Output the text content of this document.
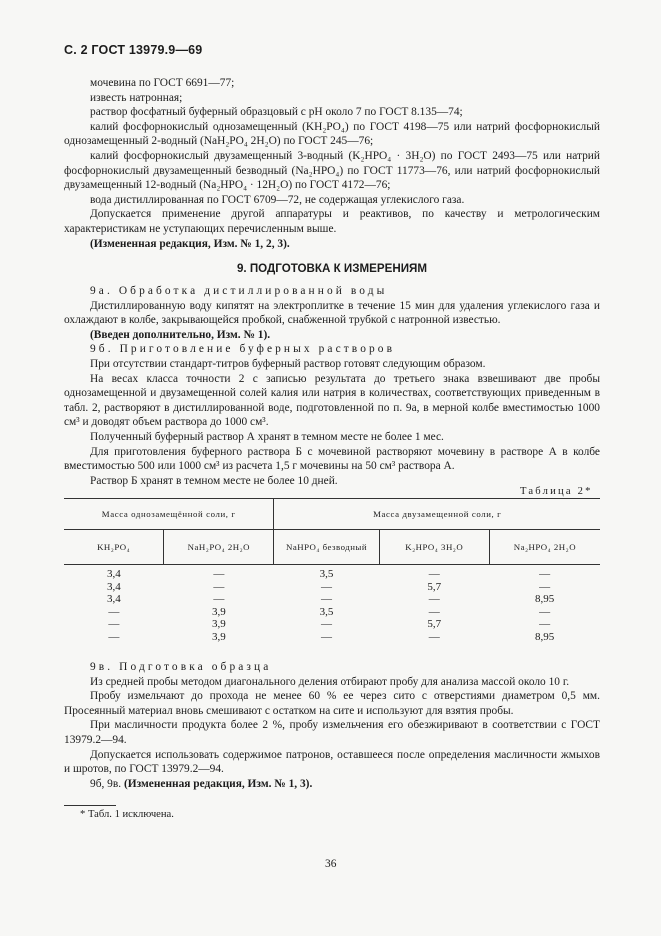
С. 2 ГОСТ 13979.9—69

мочевина по ГОСТ 6691—77;

известь натронная;

раствор фосфатный буферный образцовый с pH около 7 по ГОСТ 8.135—74;

калий фосфорнокислый однозамещенный (KH₂PO₄) по ГОСТ 4198—75 или натрий фосфорнокислый однозамещенный 2-водный (NaH₂PO₄ 2H₂O) по ГОСТ 245—76;

калий фосфорнокислый двузамещенный 3-водный (K₂HPO₄ · 3H₂O) по ГОСТ 2493—75 или натрий фосфорнокислый двузамещенный безводный (Na₂HPO₄) по ГОСТ 11773—76, или натрий фосфорнокислый двузамещенный 12-водный (Na₂HPO₄ · 12H₂O) по ГОСТ 4172—76;

вода дистиллированная по ГОСТ 6709—72, не содержащая углекислого газа.

Допускается применение другой аппаратуры и реактивов, по качеству и метрологическим характеристикам не уступающих перечисленным выше.

(Измененная редакция, Изм. № 1, 2, 3).

9. ПОДГОТОВКА К ИЗМЕРЕНИЯМ

9а. Обработка дистиллированной воды

Дистиллированную воду кипятят на электроплитке в течение 15 мин для удаления углекислого газа и охлаждают в колбе, закрывающейся пробкой, снабженной трубкой с натронной известью.

(Введен дополнительно, Изм. № 1).

9б. Приготовление буферных растворов

При отсутствии стандарт-титров буферный раствор готовят следующим образом.

На весах класса точности 2 с записью результата до третьего знака взвешивают две пробы однозамещенной и двузамещенной солей калия или натрия в количествах, соответствующих приведенным в табл. 2, растворяют в дистиллированной воде, подготовленной по п. 9а, в мерной колбе вместимостью 1000 см³ и доводят объем раствора до 1000 см³.

Полученный буферный раствор А хранят в темном месте не более 1 мес.

Для приготовления буферного раствора Б с мочевиной растворяют мочевину в растворе А в колбе вместимостью 500 или 1000 см³ из расчета 1,5 г мочевины на 50 см³ раствора А.

Раствор Б хранят в темном месте не более 10 дней.

Таблица 2*
Масса однозамещённой соли, г		Масса двузамещенной соли, г		
KH₂PO₄	NaH₂PO₄ 2H₂O	NaHPO₄ безводный	K₂HPO₄ 3H₂O	Na₂HPO₄ 2H₂O

3,4	—	3,5	—	—
3,4	—	—	5,7	—
3,4	—	—	—	8,95
—	3,9	3,5	—	—
—	3,9	—	5,7	—
—	3,9	—	—	8,95

9в. Подготовка образца

Из средней пробы методом диагонального деления отбирают пробу для анализа массой около 10 г.

Пробу измельчают до прохода не менее 60 % ее через сито с отверстиями диаметром 0,5 мм. Просеянный материал вновь смешивают с остатком на сите и используют для взятия пробы.

При масличности продукта более 2 %, пробу измельчения его обезжиривают в соответствии с ГОСТ 13979.2—94.

Допускается использовать содержимое патронов, оставшееся после определения масличности жмыхов и шротов, по ГОСТ 13979.2—94.

9б, 9в. (Измененная редакция, Изм. № 1, 3).

* Табл. 1 исключена.
36
